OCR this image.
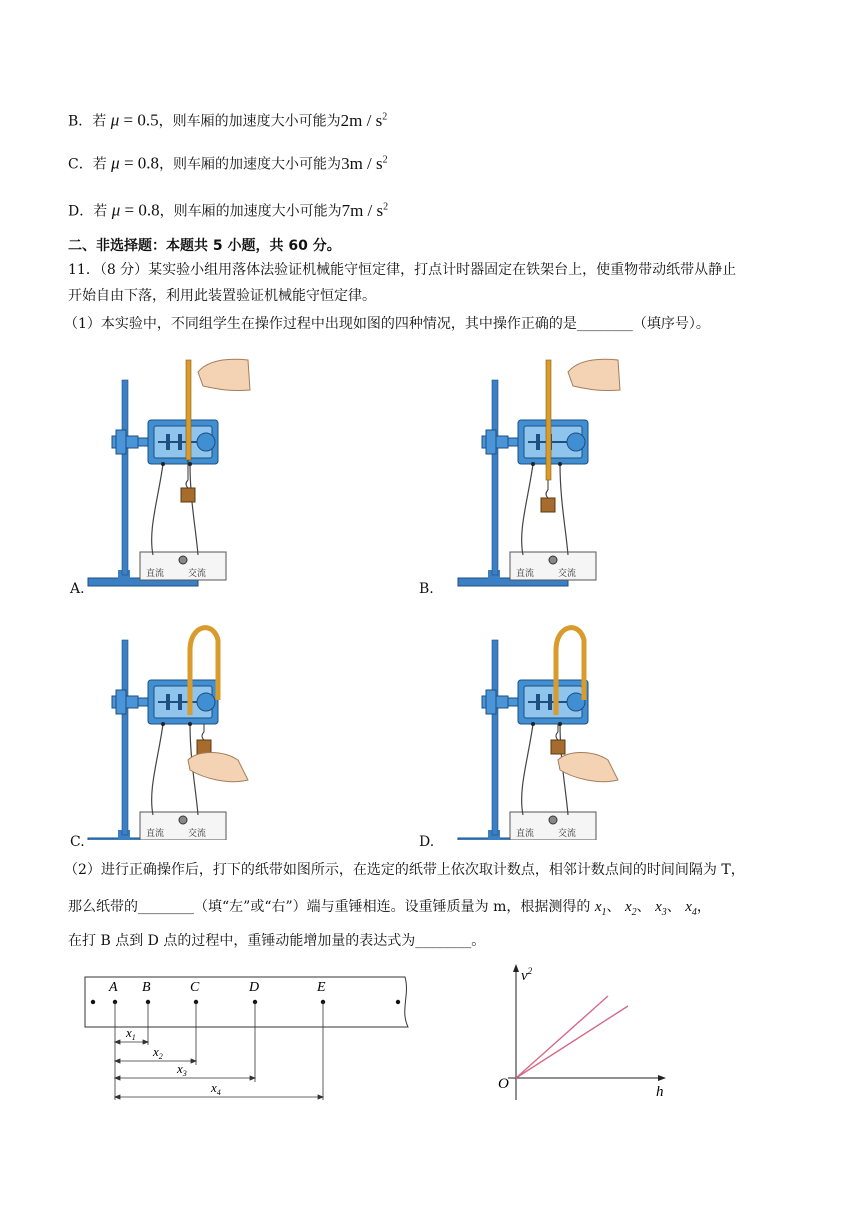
B．若 μ = 0.5，则车厢的加速度大小可能为$2m / s^2$
C．若 μ = 0.8，则车厢的加速度大小可能为$3m / s^2$
D．若 μ = 0.8，则车厢的加速度大小可能为$7m / s^2$
二、非选择题：本题共 5 小题，共 60 分。
11．（8 分）某实验小组用落体法验证机械能守恒定律，打点计时器固定在铁架台上，使重物带动纸带从静止
开始自由下落，利用此装置验证机械能守恒定律。
（1）本实验中，不同组学生在操作过程中出现如图的四种情况，其中操作正确的是________（填序号）。
直流	交流	直流	交流
直流	交流	直流	交流
A.	B.
C.	D.
（2）进行正确操作后，打下的纸带如图所示，在选定的纸带上依次取计数点，相邻计数点间的时间间隔为 T，
那么纸带的________（填“左”或“右”）端与重锤相连。设重锤质量为 m，根据测得的 $x_1$、 $x_2$、 $x_3$、 $x_4$，
在打 B 点到 D 点的过程中，重锤动能增加量的表达式为________。
A B	C	D	E
$x_1$
$x_2$
$x_3$
$x_4$
$v^2$
h
O
